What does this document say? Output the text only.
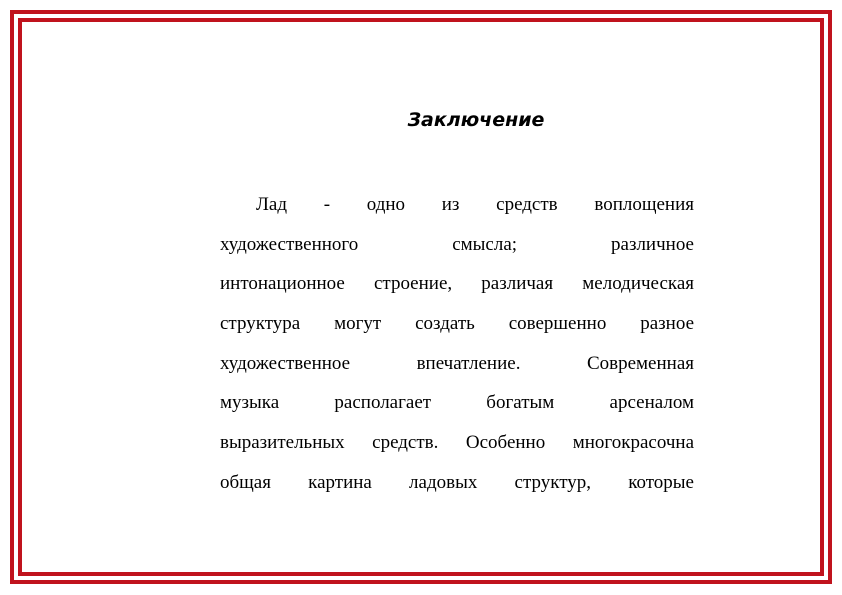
Заключение
Лад - одно из средств воплощения
художественного смысла; различное
интонационное строение, различая мелодическая
структура могут создать совершенно разное
художественное впечатление. Современная
музыка располагает богатым арсеналом
выразительных средств. Особенно многокрасочна
общая картина ладовых структур, которые
